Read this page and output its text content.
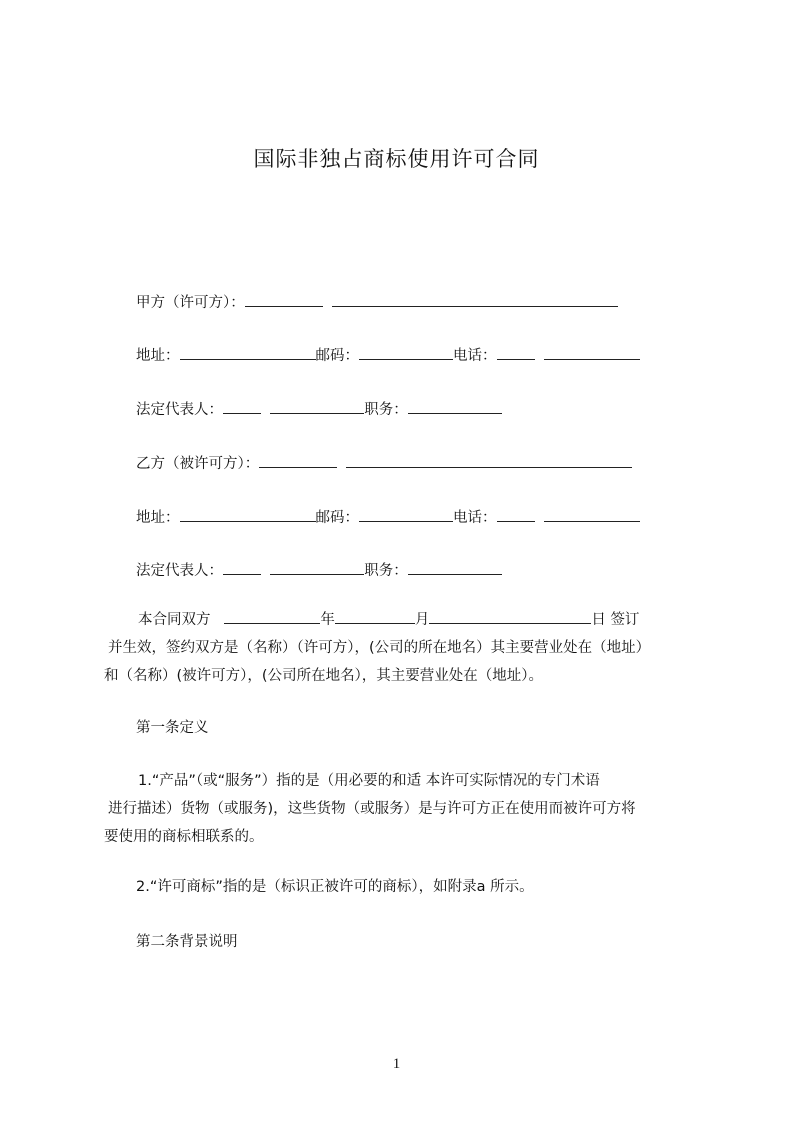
国际非独占商标使用许可合同
甲方（许可方）：
地址：	邮码：	电话：
法定代表人：	职务：
乙方（被许可方）：
地址：	邮码：	电话：
法定代表人：	职务：
本合同双方	年	月	日 签订
并生效，签约双方是（名称）（许可方），(公司的所在地名）其主要营业处在（地址）
和（名称）(被许可方），(公司所在地名），其主要营业处在（地址）。
第一条定义
1.“产品”（或“服务”）指的是（用必要的和适 本许可实际情况的专门术语
进行描述）货物（或服务)，这些货物（或服务）是与许可方正在使用而被许可方将
要使用的商标相联系的。
2.“许可商标”指的是（标识正被许可的商标），如附录a 所示。
第二条背景说明
1
